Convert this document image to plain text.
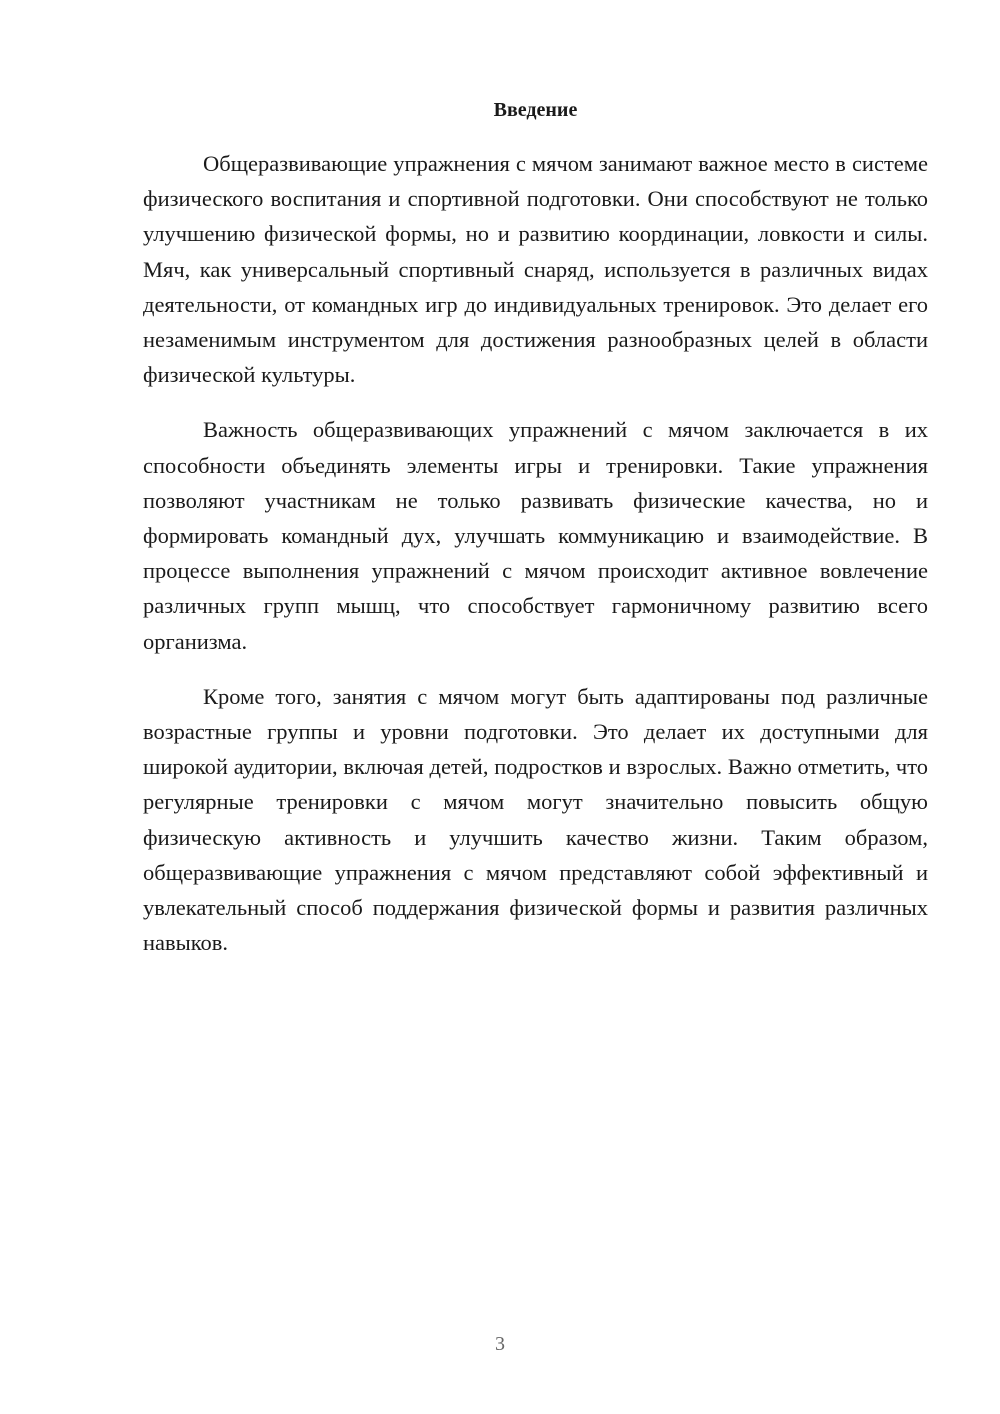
Введение

Общеразвивающие упражнения с мячом занимают важное место в системе физического воспитания и спортивной подготовки. Они способствуют не только улучшению физической формы, но и развитию координации, ловкости и силы. Мяч, как универсальный спортивный снаряд, используется в различных видах деятельности, от командных игр до индивидуальных тренировок. Это делает его незаменимым инструментом для достижения разнообразных целей в области физической культуры.

Важность общеразвивающих упражнений с мячом заключается в их способности объединять элементы игры и тренировки. Такие упражнения позволяют участникам не только развивать физические качества, но и формировать командный дух, улучшать коммуникацию и взаимодействие. В процессе выполнения упражнений с мячом происходит активное вовлечение различных групп мышц, что способствует гармоничному развитию всего организма.

Кроме того, занятия с мячом могут быть адаптированы под различные возрастные группы и уровни подготовки. Это делает их доступными для широкой аудитории, включая детей, подростков и взрослых. Важно отметить, что регулярные тренировки с мячом могут значительно повысить общую физическую активность и улучшить качество жизни. Таким образом, общеразвивающие упражнения с мячом представляют собой эффективный и увлекательный способ поддержания физической формы и развития различных навыков.

3
